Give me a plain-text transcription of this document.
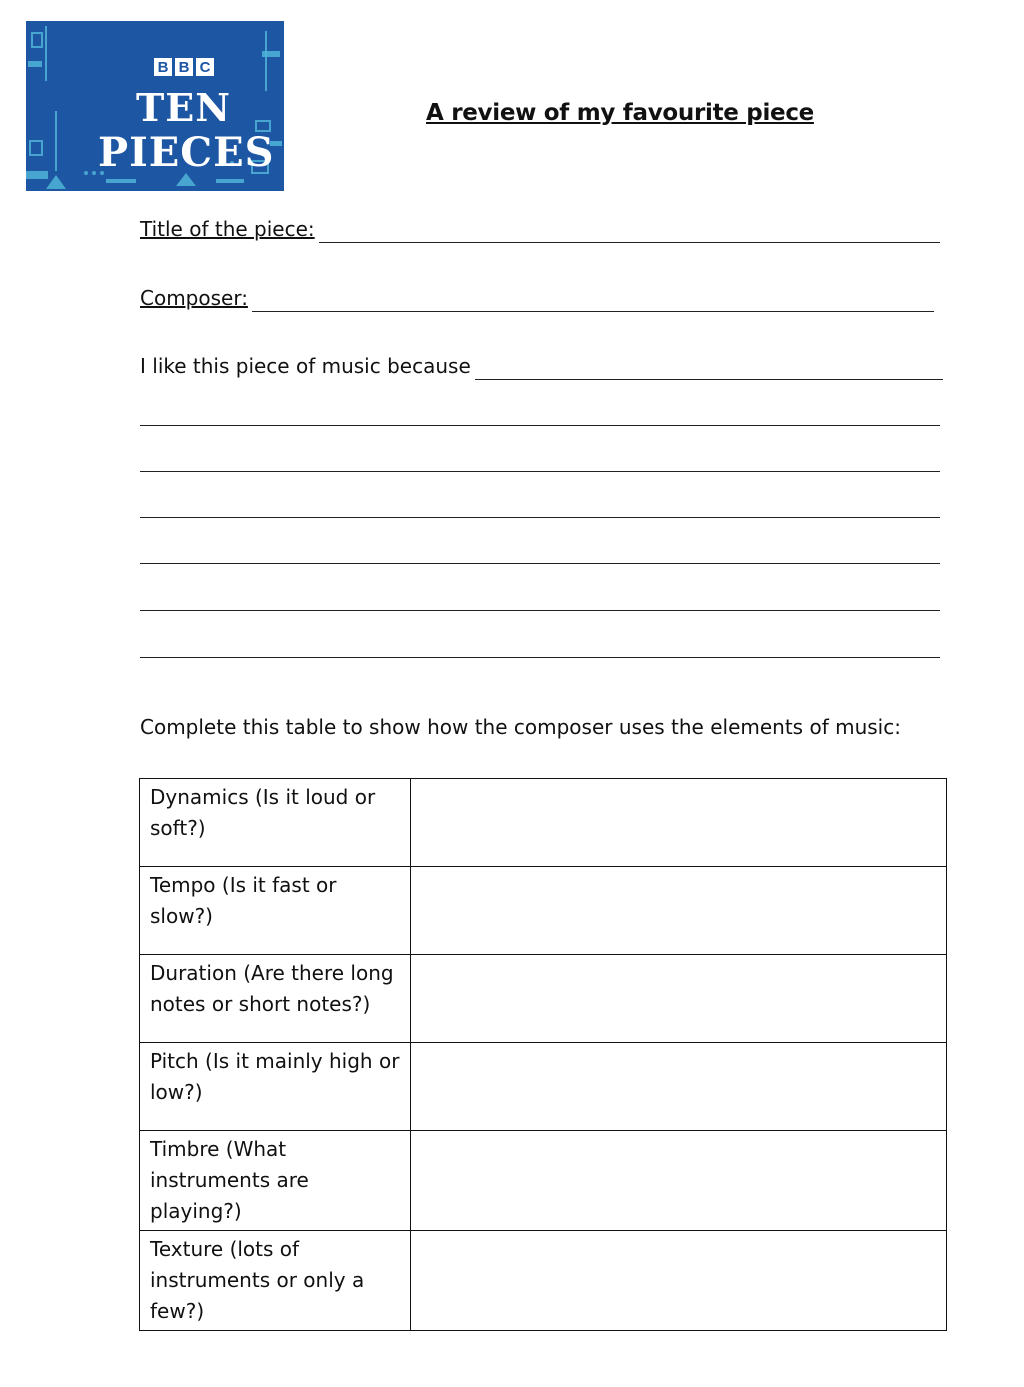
B B C
TEN
PIECES
A review of my favourite piece
Title of the piece:
Composer:
I like this piece of music because
Complete this table to show how the composer uses the elements of music:
Dynamics (Is it loud or soft?)	
Tempo (Is it fast or slow?)	
Duration (Are there long notes or short notes?)	
Pitch (Is it mainly high or low?)	
Timbre (What instruments are playing?)	
Texture (lots of instruments or only a few?)	
